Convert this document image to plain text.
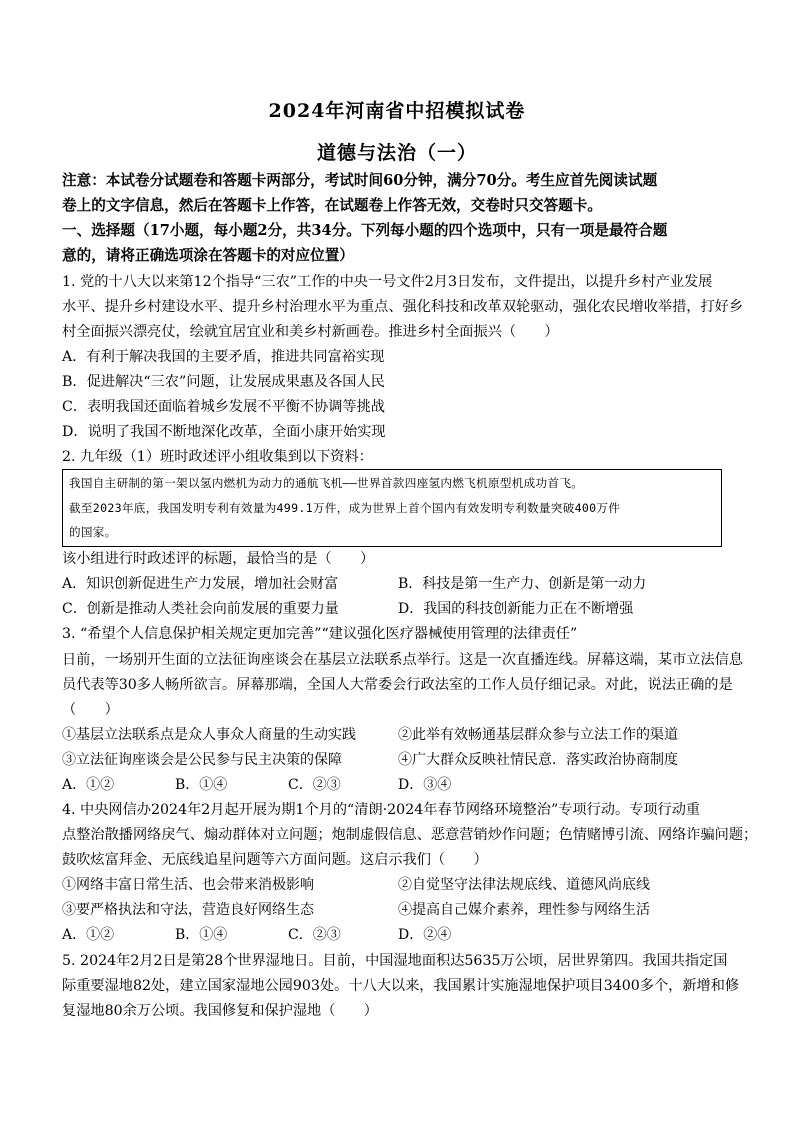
2024年河南省中招模拟试卷
道德与法治（一）
注意：本试卷分试题卷和答题卡两部分，考试时间60分钟，满分70分。考生应首先阅读试题
卷上的文字信息，然后在答题卡上作答，在试题卷上作答无效，交卷时只交答题卡。
一、选择题（17小题，每小题2分，共34分。下列每小题的四个选项中，只有一项是最符合题
意的，请将正确选项涂在答题卡的对应位置）
1. 党的十八大以来第12个指导“三农”工作的中央一号文件2月3日发布，文件提出，以提升乡村产业发展
水平、提升乡村建设水平、提升乡村治理水平为重点、强化科技和改革双轮驱动，强化农民增收举措，打好乡
村全面振兴漂亮仗，绘就宜居宜业和美乡村新画卷。推进乡村全面振兴（　　）
A．有利于解决我国的主要矛盾，推进共同富裕实现
B．促进解决“三农”问题，让发展成果惠及各国人民
C．表明我国还面临着城乡发展不平衡不协调等挑战
D．说明了我国不断地深化改革，全面小康开始实现
2. 九年级（1）班时政述评小组收集到以下资料：
我国自主研制的第一架以氢内燃机为动力的通航飞机——世界首款四座氢内燃飞机原型机成功首飞。
截至2023年底，我国发明专利有效量为499.1万件，成为世界上首个国内有效发明专利数量突破400万件
的国家。
该小组进行时政述评的标题，最恰当的是（　　）
A．知识创新促进生产力发展，增加社会财富	B．科技是第一生产力、创新是第一动力
C．创新是推动人类社会向前发展的重要力量	D．我国的科技创新能力正在不断增强
3. “希望个人信息保护相关规定更加完善”“建议强化医疗器械使用管理的法律责任”
日前，一场别开生面的立法征询座谈会在基层立法联系点举行。这是一次直播连线。屏幕这端，某市立法信息
员代表等30多人畅所欲言。屏幕那端，全国人大常委会行政法室的工作人员仔细记录。对此，说法正确的是
（　　）
①基层立法联系点是众人事众人商量的生动实践	②此举有效畅通基层群众参与立法工作的渠道
③立法征询座谈会是公民参与民主决策的保障	④广大群众反映社情民意．落实政治协商制度
A．①②	B．①④	C．②③	D．③④
4. 中央网信办2024年2月起开展为期1个月的“清朗·2024年春节网络环境整治”专项行动。专项行动重
点整治散播网络戾气、煽动群体对立问题；炮制虚假信息、恶意营销炒作问题；色情赌博引流、网络诈骗问题；
鼓吹炫富拜金、无底线追星问题等六方面问题。这启示我们（　　）
①网络丰富日常生活、也会带来消极影响	②自觉坚守法律法规底线、道德风尚底线
③要严格执法和守法，营造良好网络生态	④提高自己媒介素养，理性参与网络生活
A．①②	B．①④	C．②③	D．②④
5. 2024年2月2日是第28个世界湿地日。目前，中国湿地面积达5635万公顷，居世界第四。我国共指定国
际重要湿地82处，建立国家湿地公园903处。十八大以来，我国累计实施湿地保护项目3400多个，新增和修
复湿地80余万公顷。我国修复和保护湿地（　　）
